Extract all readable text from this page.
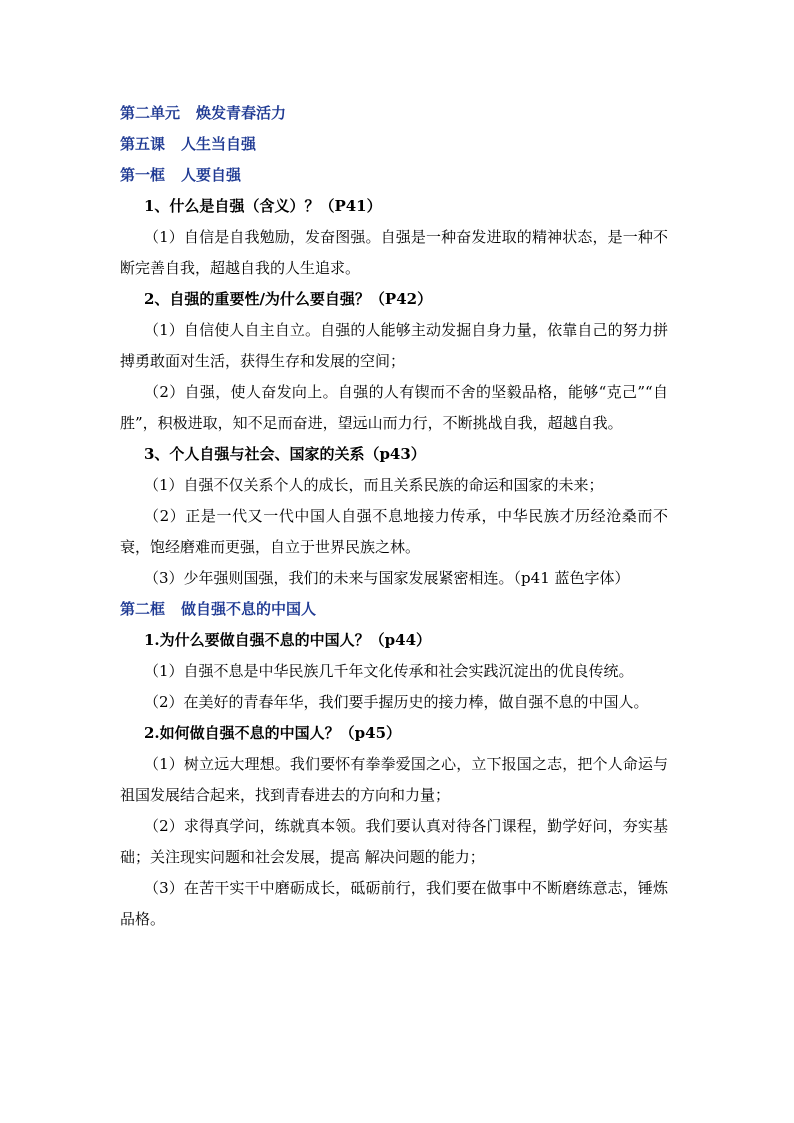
第二单元 焕发青春活力
第五课 人生当自强
第一框 人要自强
1、什么是自强（含义）？（P41）

（1）自信是自我勉励，发奋图强。自强是一种奋发进取的精神状态，是一种不断完善自我，超越自我的人生追求。

2、自强的重要性/为什么要自强？（P42）

（1）自信使人自主自立。自强的人能够主动发掘自身力量，依靠自己的努力拼搏勇敢面对生活，获得生存和发展的空间；

（2）自强，使人奋发向上。自强的人有锲而不舍的坚毅品格，能够“克己”“自胜”，积极进取，知不足而奋进，望远山而力行，不断挑战自我，超越自我。

3、个人自强与社会、国家的关系（p43）

（1）自强不仅关系个人的成长，而且关系民族的命运和国家的未来；

（2）正是一代又一代中国人自强不息地接力传承，中华民族才历经沧桑而不衰，饱经磨难而更强，自立于世界民族之林。

（3）少年强则国强，我们的未来与国家发展紧密相连。（p41 蓝色字体）

第二框 做自强不息的中国人
1.为什么要做自强不息的中国人？（p44）

（1）自强不息是中华民族几千年文化传承和社会实践沉淀出的优良传统。

（2）在美好的青春年华，我们要手握历史的接力棒，做自强不息的中国人。

2.如何做自强不息的中国人？（p45）

（1）树立远大理想。我们要怀有拳拳爱国之心，立下报国之志，把个人命运与祖国发展结合起来，找到青春进去的方向和力量；

（2）求得真学问，练就真本领。我们要认真对待各门课程，勤学好问，夯实基础；关注现实问题和社会发展，提高 解决问题的能力；

（3）在苦干实干中磨砺成长，砥砺前行，我们要在做事中不断磨练意志，锤炼品格。
